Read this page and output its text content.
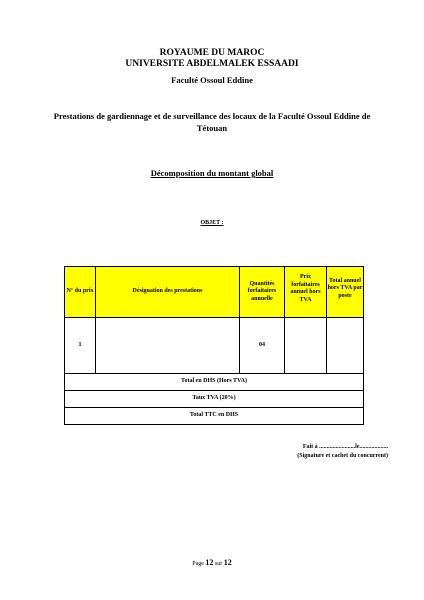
ROYAUME DU MAROC
UNIVERSITE ABDELMALEK ESSAADI
Faculté Ossoul Eddine
Prestations de gardiennage et de surveillance des locaux de la Faculté Ossoul Eddine de
Tétouan
Décomposition du montant global
OBJET :
N° du prix	Désignation des prestations	Quantités forfaitaires annuelle	Prix forfaitaires annuel hors TVA	Total annuel hors TVA par poste
1		04		
Total en DHS (Hors TVA)				
Taux TVA (20%)				
Total TTC en DHS				
Fait à ........................le...................
(Signature et cachet du concurrent)
Page 12 sur 12
